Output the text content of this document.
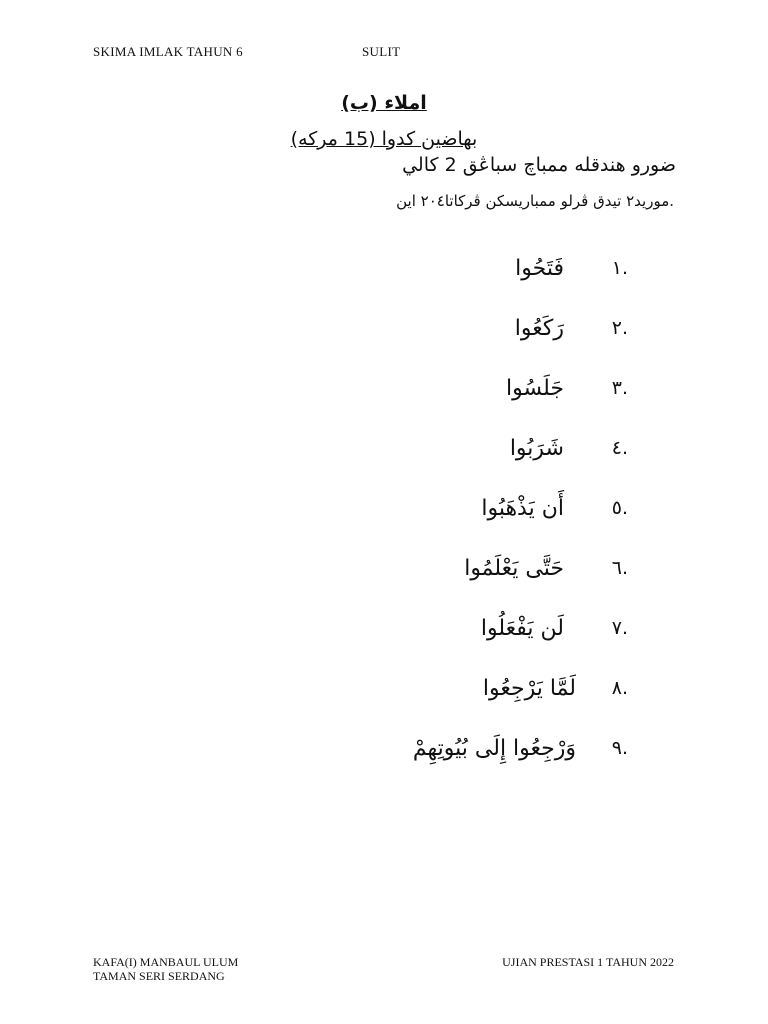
SKIMA IMLAK TAHUN 6	SULIT
املاء (ب)
بهاضين كدوا (15 مركه)
ضورو هندقله ممباچ سباڠق 2 كالي
.موريد٢ تيدق ڤرلو ممباريسكن ڤركاتا٢٠٤ اين
.١
فَتَحُوا
.٢
رَكَعُوا
.٣
جَلَسُوا
.٤
شَرَبُوا
.٥
أَن يَذْهَبُوا
.٦
حَتَّى يَعْلَمُوا
.٧
لَن يَفْعَلُوا
.٨
لَمَّا يَرْجِعُوا
.٩
وَرْجِعُوا إِلَى بُيُوتِهِمْ
KAFA(I) MANBAUL ULUM
TAMAN SERI SERDANG
UJIAN PRESTASI 1 TAHUN 2022
